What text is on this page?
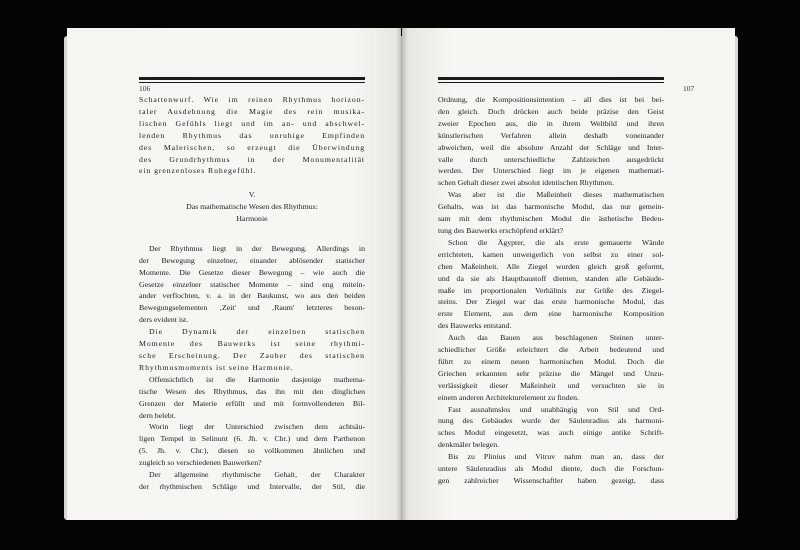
106
Schattenwurf. Wie im reinen Rhythmus horizon-
taler Ausdehnung die Magie des rein musika-
lischen Gefühls liegt und im an- und abschwel-
lenden Rhythmus das unruhige Empfinden
des Malerischen, so erzeugt die Überwindung
des Grundrhythmus in der Monumentalität
ein grenzenloses Ruhegefühl.
V.
Das mathematische Wesen des Rhythmus:
Harmonie
Der Rhythmus liegt in der Bewegung. Allerdings in
der Bewegung einzelner, einander ablösender statischer
Momente. Die Gesetze dieser Bewegung – wie auch die
Gesetze einzelner statischer Momente – sind eng mitein-
ander verflochten, v. a. in der Baukunst, wo aus den beiden
Bewegungselementen ‚Zeit' und ‚Raum' letzteres beson-
ders evident ist.
Die Dynamik der einzelnen statischen
Momente des Bauwerks ist seine rhythmi-
sche Erscheinung. Der Zauber des statischen
Rhythmusmoments ist seine Harmonie.
Offensichtlich ist die Harmonie dasjenige mathema-
tische Wesen des Rhythmus, das ihn mit den dinglichen
Grenzen der Materie erfüllt und mit formvollendeten Bil-
dern belebt.
Worin liegt der Unterschied zwischen dem achtsäu-
ligen Tempel in Selinunt (6. Jh. v. Chr.) und dem Parthenon
(5. Jh. v. Chr.), diesen so vollkommen ähnlichen und
zugleich so verschiedenen Bauwerken?
Der allgemeine rhythmische Gehalt, der Charakter
der rhythmischen Schläge und Intervalle, der Stil, die
107
Ordnung, die Kompositionsintention – all dies ist bei bei-
den gleich. Doch drücken auch beide präzise den Geist
zweier Epochen aus, die in ihrem Weltbild und ihren
künstlerischen Verfahren allein deshalb voneinander
abweichen, weil die absolute Anzahl der Schläge und Inter-
valle durch unterschiedliche Zahlzeichen ausgedrückt
werden. Der Unterschied liegt im je eigenen mathemati-
schen Gehalt dieser zwei absolut identischen Rhythmen.
Was aber ist die Maßeinheit dieses mathematischen
Gehalts, was ist das harmonische Modul, das nur gemein-
sam mit dem rhythmischen Modul die ästhetische Bedeu-
tung des Bauwerks erschöpfend erklärt?
Schon die Ägypter, die als erste gemauerte Wände
errichteten, kamen unweigerlich von selbst zu einer sol-
chen Maßeinheit. Alle Ziegel wurden gleich groß geformt,
und da sie als Hauptbaustoff dienten, standen alle Gebäude-
maße im proportionalen Verhältnis zur Größe des Ziegel-
steins. Der Ziegel war das erste harmonische Modul, das
erste Element, aus dem eine harmonische Komposition
des Bauwerks entstand.
Auch das Bauen aus beschlagenen Steinen unter-
schiedlicher Größe erleichtert die Arbeit bedeutend und
führt zu einem neuen harmonischen Modul. Doch die
Griechen erkannten sehr präzise die Mängel und Unzu-
verlässigkeit dieser Maßeinheit und versuchten sie in
einem anderen Architekturelement zu finden.
Fast ausnahmslos und unabhängig von Stil und Ord-
nung des Gebäudes wurde der Säulenradius als harmoni-
sches Modul eingesetzt, was auch einige antike Schrift-
denkmäler belegen.
Bis zu Plinius und Vitruv nahm man an, dass der
untere Säulenradius als Modul diente, doch die Forschun-
gen zahlreicher Wissenschaftler haben gezeigt, dass
